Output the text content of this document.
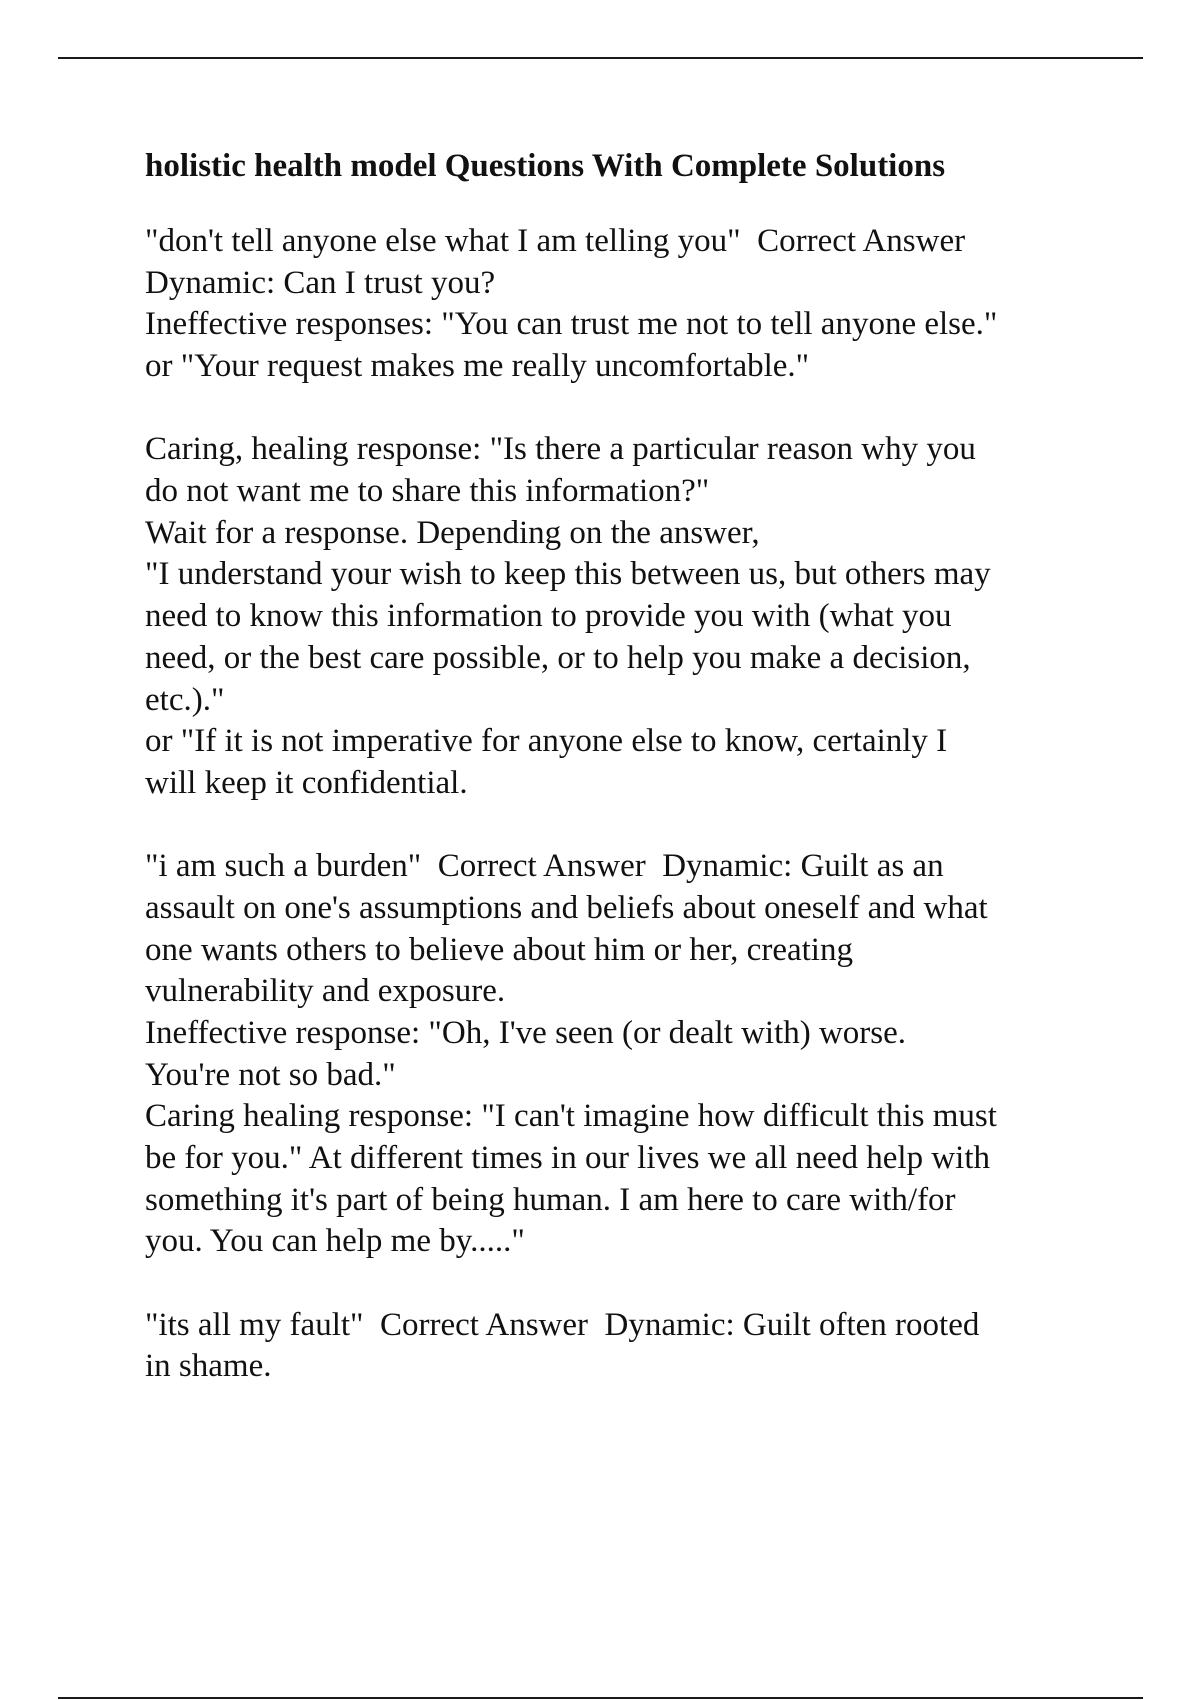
holistic health model Questions With Complete Solutions

"don't tell anyone else what I am telling you"  Correct Answer

Dynamic: Can I trust you?

Ineffective responses: "You can trust me not to tell anyone else."

or "Your request makes me really uncomfortable."

Caring, healing response: "Is there a particular reason why you

do not want me to share this information?"

Wait for a response. Depending on the answer,

"I understand your wish to keep this between us, but others may

need to know this information to provide you with (what you

need, or the best care possible, or to help you make a decision,

etc.)."

or "If it is not imperative for anyone else to know, certainly I

will keep it confidential.

"i am such a burden"  Correct Answer  Dynamic: Guilt as an

assault on one's assumptions and beliefs about oneself and what

one wants others to believe about him or her, creating

vulnerability and exposure.

Ineffective response: "Oh, I've seen (or dealt with) worse.

You're not so bad."

Caring healing response: "I can't imagine how difficult this must

be for you." At different times in our lives we all need help with

something it's part of being human. I am here to care with/for

you. You can help me by....."

"its all my fault"  Correct Answer  Dynamic: Guilt often rooted

in shame.
